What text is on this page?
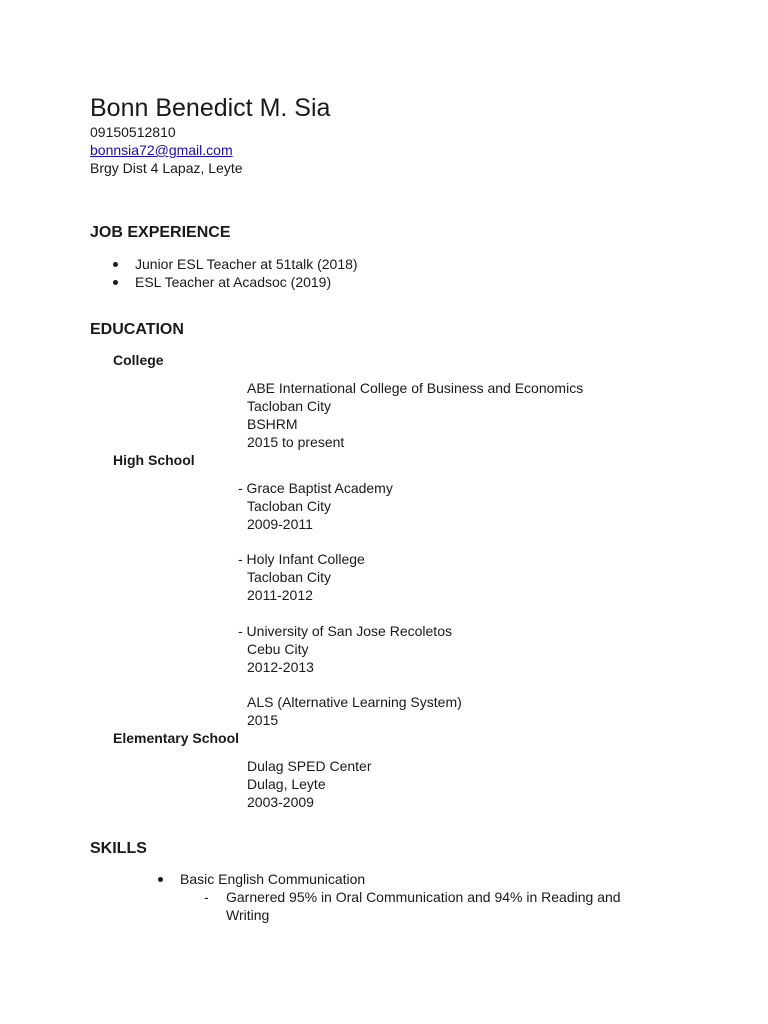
Bonn Benedict M. Sia
09150512810
bonnsia72@gmail.com
Brgy Dist 4 Lapaz, Leyte
JOB EXPERIENCE
Junior ESL Teacher at 51talk (2018)
ESL Teacher at Acadsoc (2019)
EDUCATION
College
ABE International College of Business and Economics
Tacloban City
BSHRM
2015 to present
High School
- Grace Baptist Academy
Tacloban City
2009-2011
- Holy Infant College
Tacloban City
2011-2012
- University of San Jose Recoletos
Cebu City
2012-2013
ALS (Alternative Learning System)
2015
Elementary School
Dulag SPED Center
Dulag, Leyte
2003-2009
SKILLS
Basic English Communication
- Garnered 95% in Oral Communication and 94% in Reading and
Writing
